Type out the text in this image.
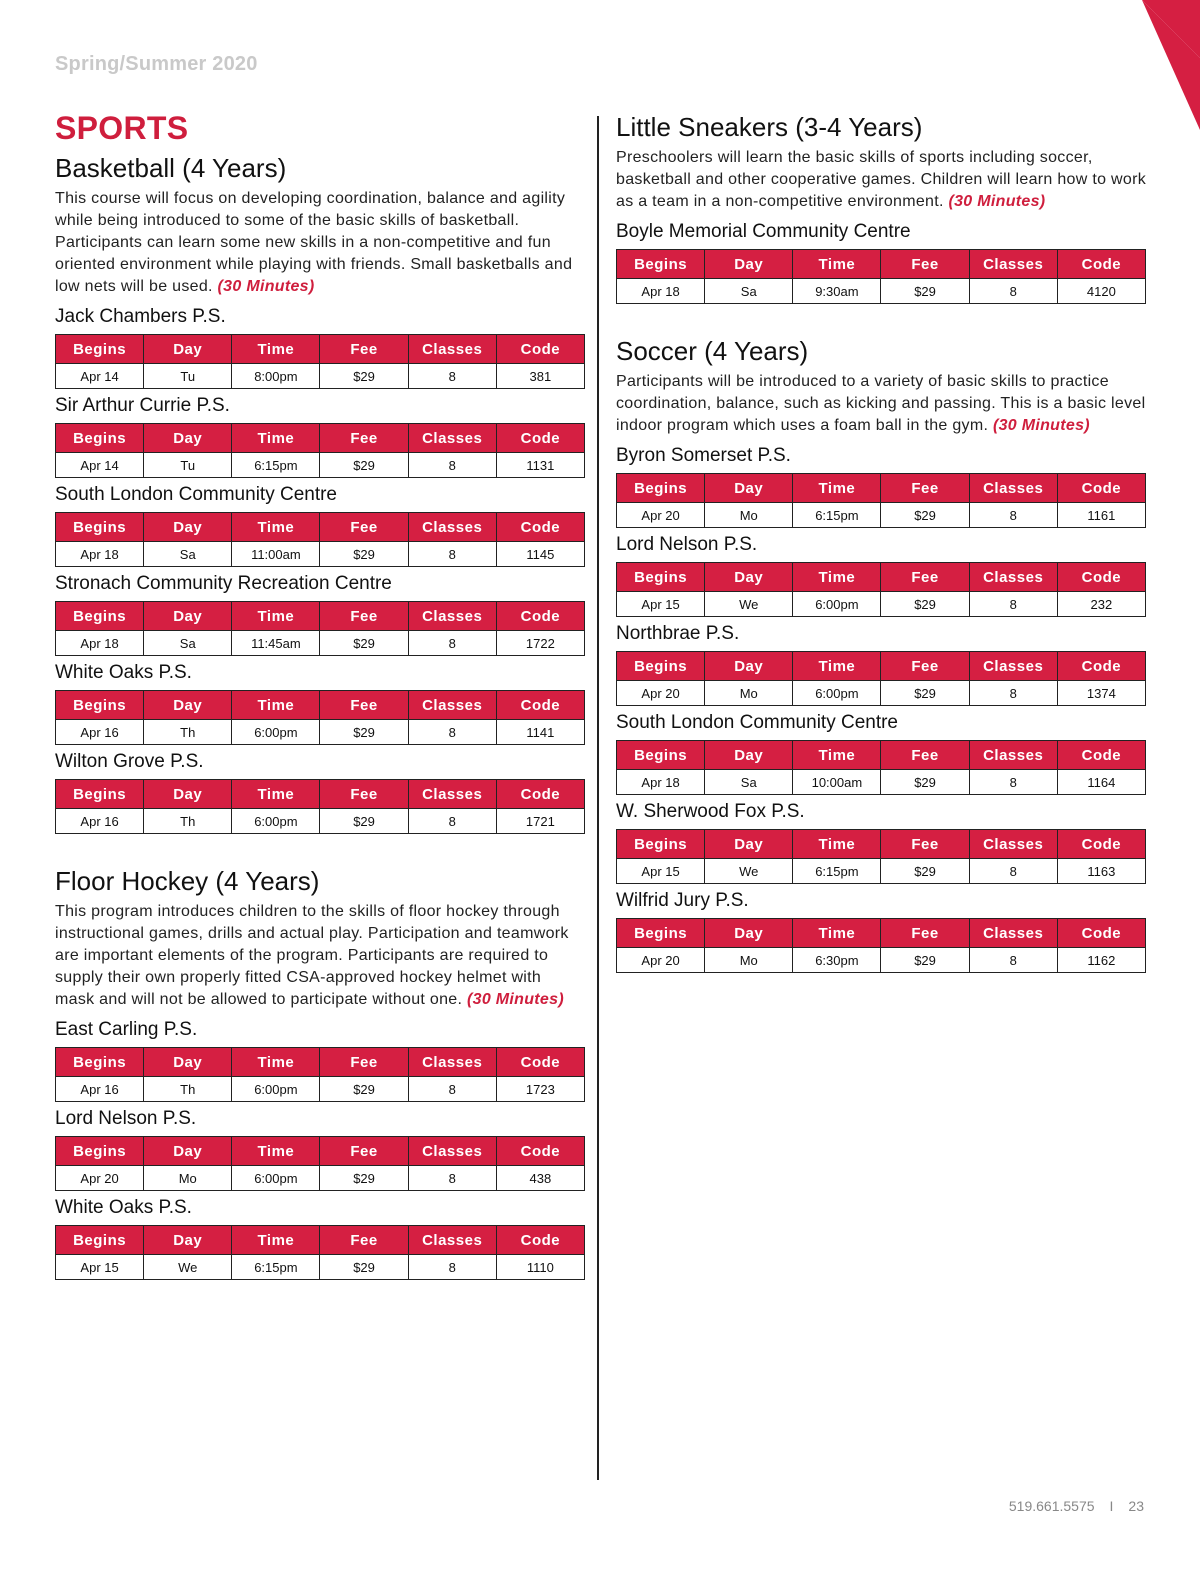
Spring/Summer 2020
SPORTS
Basketball (4 Years)

This course will focus on developing coordination, balance and agility while being introduced to some of the basic skills of basketball. Participants can learn some new skills in a non-competitive and fun oriented environment while playing with friends. Small basketballs and low nets will be used. (30 Minutes)

Jack Chambers P.S.
Begins	Day	Time	Fee	Classes	Code
Apr 14	Tu	8:00pm	$29	8	381
Sir Arthur Currie P.S.
Begins	Day	Time	Fee	Classes	Code
Apr 14	Tu	6:15pm	$29	8	1131
South London Community Centre
Begins	Day	Time	Fee	Classes	Code
Apr 18	Sa	11:00am	$29	8	1145
Stronach Community Recreation Centre
Begins	Day	Time	Fee	Classes	Code
Apr 18	Sa	11:45am	$29	8	1722
White Oaks P.S.
Begins	Day	Time	Fee	Classes	Code
Apr 16	Th	6:00pm	$29	8	1141
Wilton Grove P.S.
Begins	Day	Time	Fee	Classes	Code
Apr 16	Th	6:00pm	$29	8	1721
Floor Hockey (4 Years)

This program introduces children to the skills of floor hockey through instructional games, drills and actual play. Participation and teamwork are important elements of the program. Participants are required to supply their own properly fitted CSA-approved hockey helmet with mask and will not be allowed to participate without one. (30 Minutes)

East Carling P.S.
Begins	Day	Time	Fee	Classes	Code
Apr 16	Th	6:00pm	$29	8	1723
Lord Nelson P.S.
Begins	Day	Time	Fee	Classes	Code
Apr 20	Mo	6:00pm	$29	8	438
White Oaks P.S.
Begins	Day	Time	Fee	Classes	Code
Apr 15	We	6:15pm	$29	8	1110
Little Sneakers (3-4 Years)

Preschoolers will learn the basic skills of sports including soccer, basketball and other cooperative games. Children will learn how to work as a team in a non-competitive environment. (30 Minutes)

Boyle Memorial Community Centre
Begins	Day	Time	Fee	Classes	Code
Apr 18	Sa	9:30am	$29	8	4120
Soccer (4 Years)

Participants will be introduced to a variety of basic skills to practice coordination, balance, such as kicking and passing. This is a basic level indoor program which uses a foam ball in the gym. (30 Minutes)

Byron Somerset P.S.
Begins	Day	Time	Fee	Classes	Code
Apr 20	Mo	6:15pm	$29	8	1161
Lord Nelson P.S.
Begins	Day	Time	Fee	Classes	Code
Apr 15	We	6:00pm	$29	8	232
Northbrae P.S.
Begins	Day	Time	Fee	Classes	Code
Apr 20	Mo	6:00pm	$29	8	1374
South London Community Centre
Begins	Day	Time	Fee	Classes	Code
Apr 18	Sa	10:00am	$29	8	1164
W. Sherwood Fox P.S.
Begins	Day	Time	Fee	Classes	Code
Apr 15	We	6:15pm	$29	8	1163
Wilfrid Jury P.S.
Begins	Day	Time	Fee	Classes	Code
Apr 20	Mo	6:30pm	$29	8	1162
519.661.5575 I 23
